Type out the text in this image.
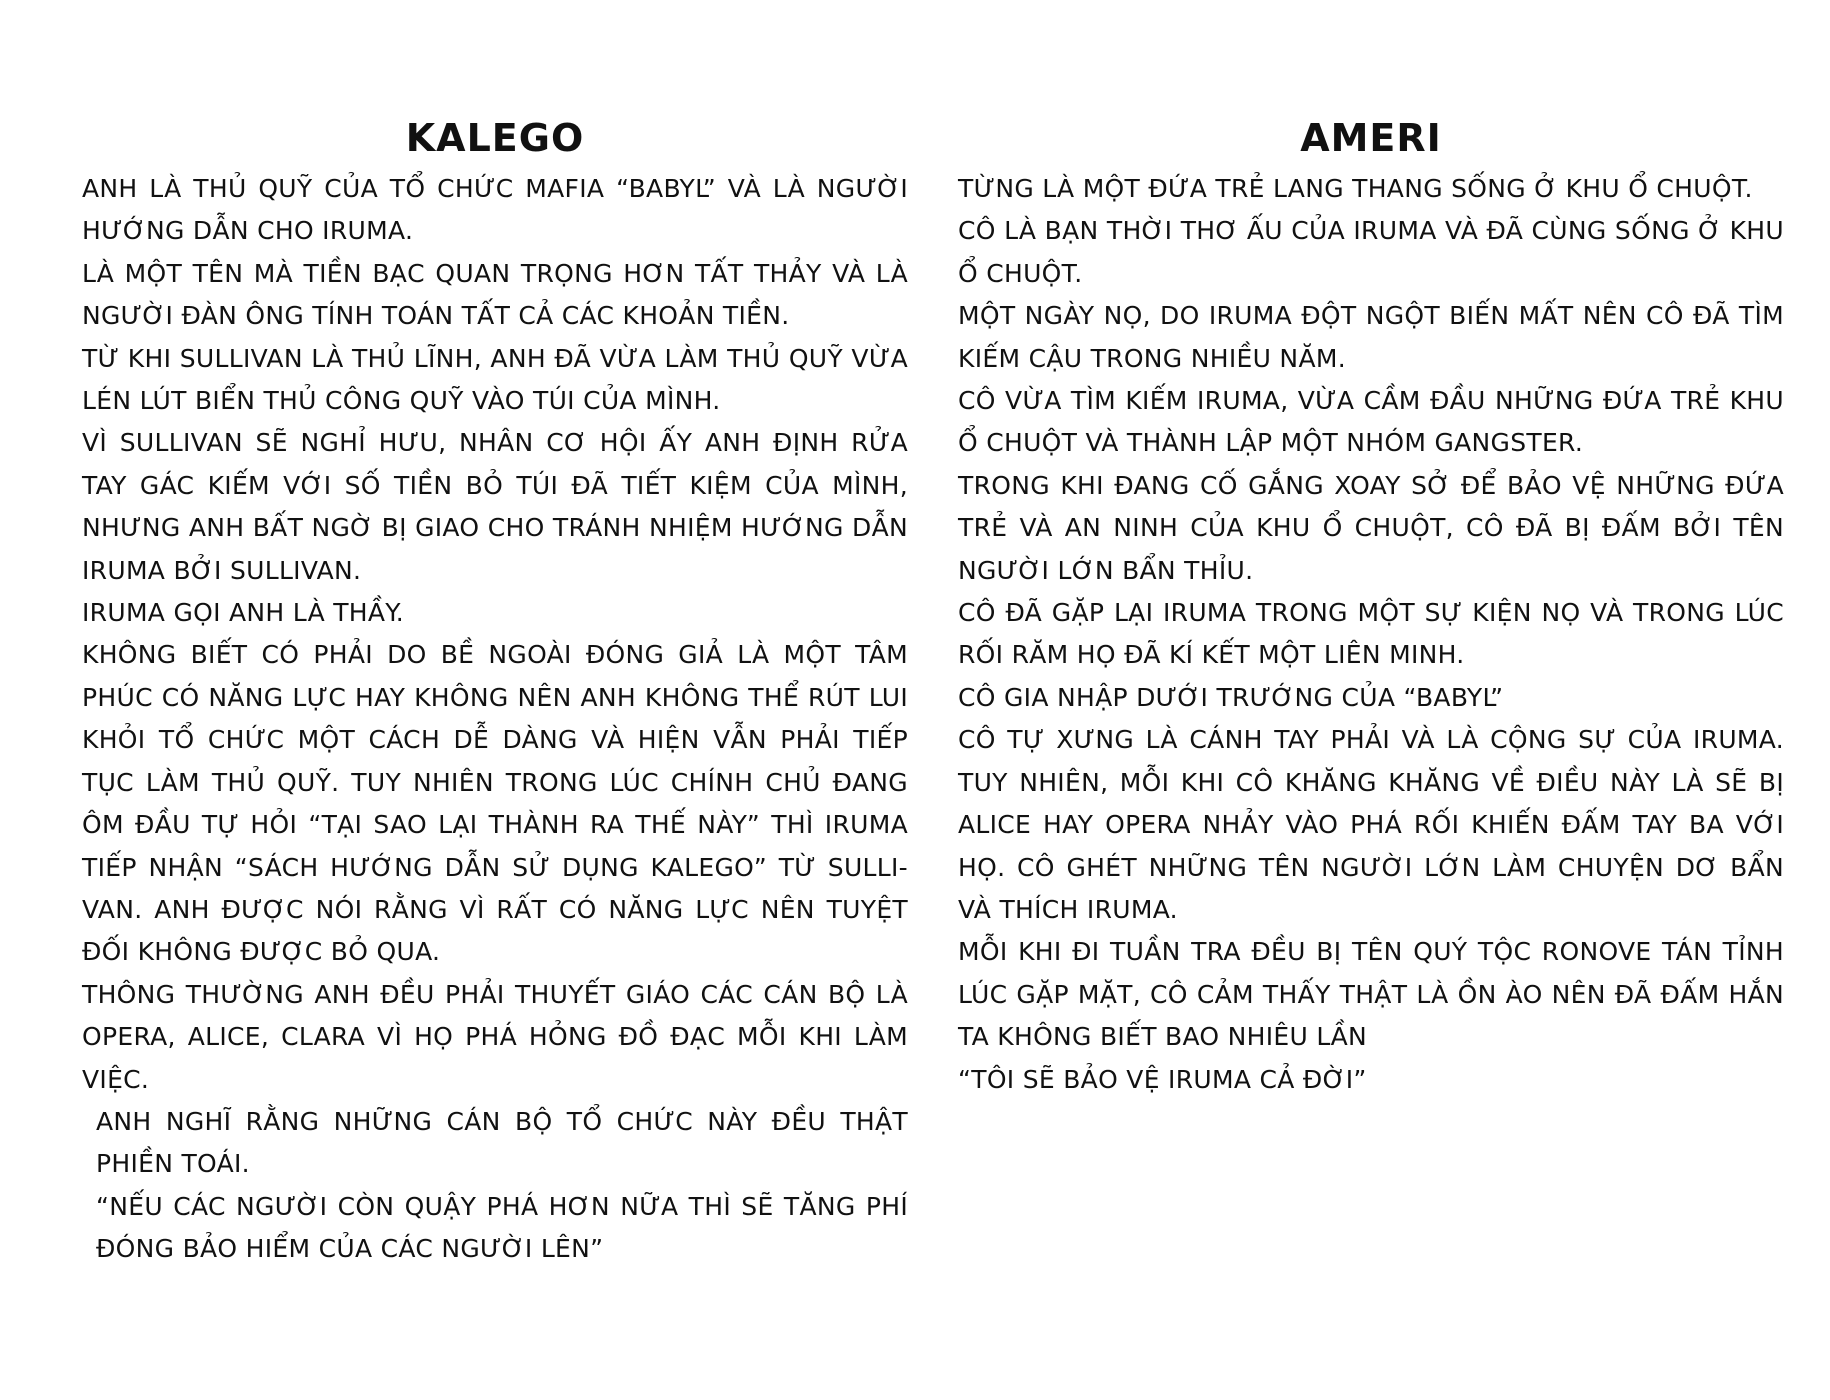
KALEGO

ANH LÀ THỦ QUỸ CỦA TỔ CHỨC MAFIA “BABYL” VÀ LÀ NGƯỜI HƯỚNG DẪN CHO IRUMA.

LÀ MỘT TÊN MÀ TIỀN BẠC QUAN TRỌNG HƠN TẤT THẢY VÀ LÀ NGƯỜI ĐÀN ÔNG TÍNH TOÁN TẤT CẢ CÁC KHOẢN TIỀN.

TỪ KHI SULLIVAN LÀ THỦ LĨNH, ANH ĐÃ VỪA LÀM THỦ QUỸ VỪA LÉN LÚT BIỂN THỦ CÔNG QUỸ VÀO TÚI CỦA MÌNH.

VÌ SULLIVAN SẼ NGHỈ HƯU, NHÂN CƠ HỘI ẤY ANH ĐỊNH RỬA TAY GÁC KIẾM VỚI SỐ TIỀN BỎ TÚI ĐÃ TIẾT KIỆM CỦA MÌNH, NHƯNG ANH BẤT NGỜ BỊ GIAO CHO TRÁNH NHIỆM HƯỚNG DẪN IRUMA BỞI SULLIVAN.

IRUMA GỌI ANH LÀ THẦY.

KHÔNG BIẾT CÓ PHẢI DO BỀ NGOÀI ĐÓNG GIẢ LÀ MỘT TÂM PHÚC CÓ NĂNG LỰC HAY KHÔNG NÊN ANH KHÔNG THỂ RÚT LUI KHỎI TỔ CHỨC MỘT CÁCH DỄ DÀNG VÀ HIỆN VẪN PHẢI TIẾP TỤC LÀM THỦ QUỸ. TUY NHIÊN TRONG LÚC CHÍNH CHỦ ĐANG ÔM ĐẦU TỰ HỎI “TẠI SAO LẠI THÀNH RA THẾ NÀY” THÌ IRUMA TIẾP NHẬN “SÁCH HƯỚNG DẪN SỬ DỤNG KALEGO” TỪ SULLI-VAN. ANH ĐƯỢC NÓI RẰNG VÌ RẤT CÓ NĂNG LỰC NÊN TUYỆT ĐỐI KHÔNG ĐƯỢC BỎ QUA.

THÔNG THƯỜNG ANH ĐỀU PHẢI THUYẾT GIÁO CÁC CÁN BỘ LÀ OPERA, ALICE, CLARA VÌ HỌ PHÁ HỎNG ĐỒ ĐẠC MỖI KHI LÀM VIỆC.

ANH NGHĨ RẰNG NHỮNG CÁN BỘ TỔ CHỨC NÀY ĐỀU THẬT PHIỀN TOÁI.

“NẾU CÁC NGƯỜI CÒN QUẬY PHÁ HƠN NỮA THÌ SẼ TĂNG PHÍ ĐÓNG BẢO HIỂM CỦA CÁC NGƯỜI LÊN”

AMERI

TỪNG LÀ MỘT ĐỨA TRẺ LANG THANG SỐNG Ở KHU Ổ CHUỘT.

CÔ LÀ BẠN THỜI THƠ ẤU CỦA IRUMA VÀ ĐÃ CÙNG SỐNG Ở KHU Ổ CHUỘT.

MỘT NGÀY NỌ, DO IRUMA ĐỘT NGỘT BIẾN MẤT NÊN CÔ ĐÃ TÌM KIẾM CẬU TRONG NHIỀU NĂM.

CÔ VỪA TÌM KIẾM IRUMA, VỪA CẦM ĐẦU NHỮNG ĐỨA TRẺ KHU Ổ CHUỘT VÀ THÀNH LẬP MỘT NHÓM GANGSTER.

TRONG KHI ĐANG CỐ GẮNG XOAY SỞ ĐỂ BẢO VỆ NHỮNG ĐỨA TRẺ VÀ AN NINH CỦA KHU Ổ CHUỘT, CÔ ĐÃ BỊ ĐẤM BỞI TÊN NGƯỜI LỚN BẨN THỈU.

CÔ ĐÃ GẶP LẠI IRUMA TRONG MỘT SỰ KIỆN NỌ VÀ TRONG LÚC RỐI RĂM HỌ ĐÃ KÍ KẾT MỘT LIÊN MINH.

CÔ GIA NHẬP DƯỚI TRƯỚNG CỦA “BABYL”

CÔ TỰ XƯNG LÀ CÁNH TAY PHẢI VÀ LÀ CỘNG SỰ CỦA IRUMA. TUY NHIÊN, MỖI KHI CÔ KHĂNG KHĂNG VỀ ĐIỀU NÀY LÀ SẼ BỊ ALICE HAY OPERA NHẢY VÀO PHÁ RỐI KHIẾN ĐẤM TAY BA VỚI HỌ. CÔ GHÉT NHỮNG TÊN NGƯỜI LỚN LÀM CHUYỆN DƠ BẨN VÀ THÍCH IRUMA.

MỖI KHI ĐI TUẦN TRA ĐỀU BỊ TÊN QUÝ TỘC RONOVE TÁN TỈNH LÚC GẶP MẶT, CÔ CẢM THẤY THẬT LÀ ỒN ÀO NÊN ĐÃ ĐẤM HẮN TA KHÔNG BIẾT BAO NHIÊU LẦN

“TÔI SẼ BẢO VỆ IRUMA CẢ ĐỜI”
